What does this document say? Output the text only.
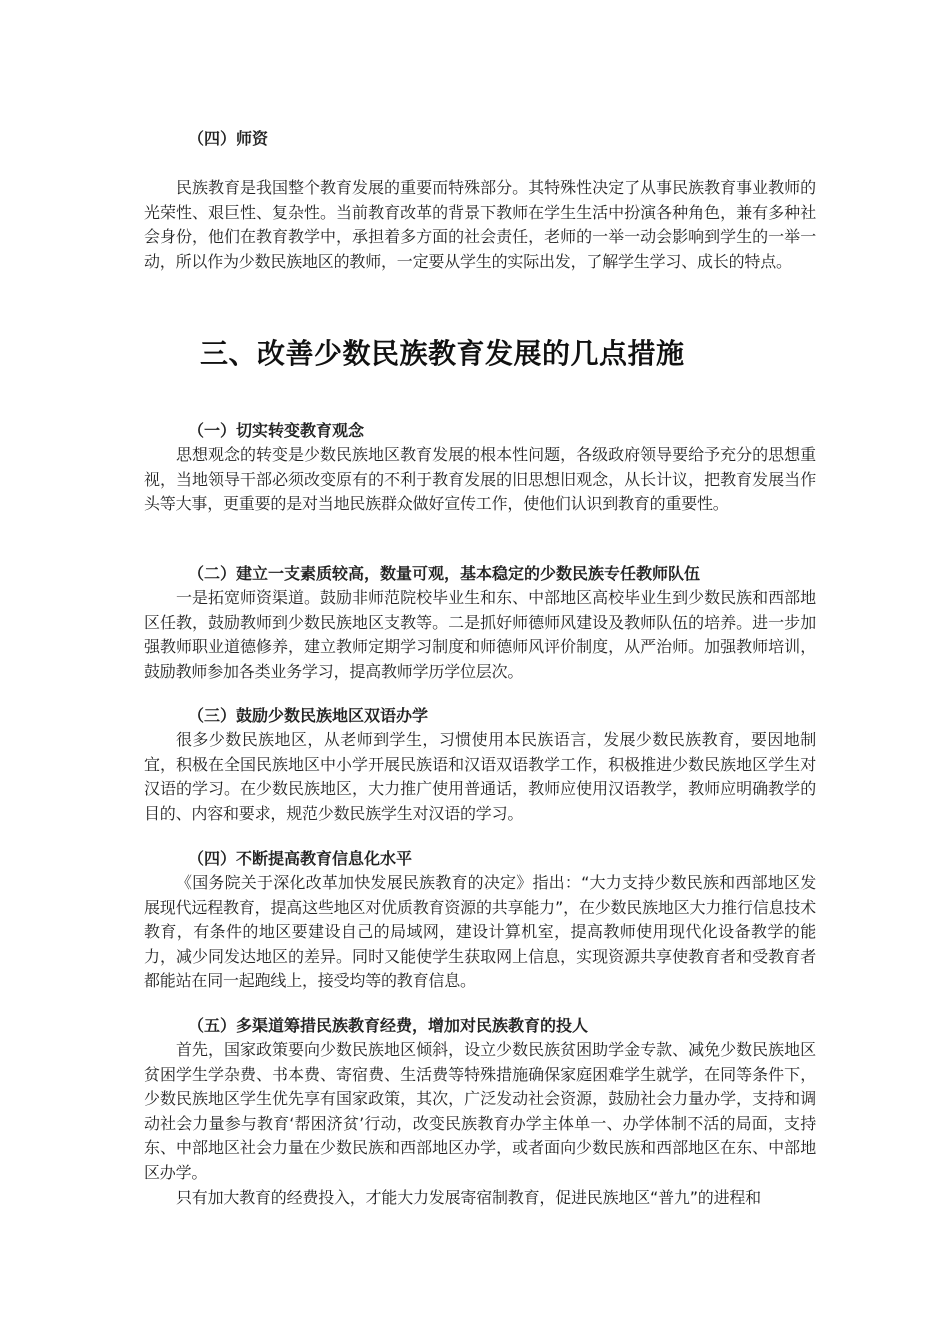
（四）师资
民族教育是我国整个教育发展的重要而特殊部分。其特殊性决定了从事民族教育事业教师的光荣性、艰巨性、复杂性。当前教育改革的背景下教师在学生生活中扮演各种角色，兼有多种社会身份，他们在教育教学中，承担着多方面的社会责任，老师的一举一动会影响到学生的一举一动，所以作为少数民族地区的教师，一定要从学生的实际出发，了解学生学习、成长的特点。
三、改善少数民族教育发展的几点措施
（一）切实转变教育观念
思想观念的转变是少数民族地区教育发展的根本性问题，各级政府领导要给予充分的思想重视，当地领导干部必须改变原有的不利于教育发展的旧思想旧观念，从长计议，把教育发展当作头等大事，更重要的是对当地民族群众做好宣传工作，使他们认识到教育的重要性。
（二）建立一支素质较高，数量可观，基本稳定的少数民族专任教师队伍
一是拓宽师资渠道。鼓励非师范院校毕业生和东、中部地区高校毕业生到少数民族和西部地区任教，鼓励教师到少数民族地区支教等。二是抓好师德师风建设及教师队伍的培养。进一步加强教师职业道德修养，建立教师定期学习制度和师德师风评价制度，从严治师。加强教师培训，鼓励教师参加各类业务学习，提高教师学历学位层次。
（三）鼓励少数民族地区双语办学
很多少数民族地区，从老师到学生，习惯使用本民族语言，发展少数民族教育，要因地制宜，积极在全国民族地区中小学开展民族语和汉语双语教学工作，积极推进少数民族地区学生对汉语的学习。在少数民族地区，大力推广使用普通话，教师应使用汉语教学，教师应明确教学的目的、内容和要求，规范少数民族学生对汉语的学习。
（四）不断提高教育信息化水平
《国务院关于深化改革加快发展民族教育的决定》指出：“大力支持少数民族和西部地区发展现代远程教育，提高这些地区对优质教育资源的共享能力”，在少数民族地区大力推行信息技术教育，有条件的地区要建设自己的局域网，建设计算机室，提高教师使用现代化设备教学的能力，减少同发达地区的差异。同时又能使学生获取网上信息，实现资源共享使教育者和受教育者都能站在同一起跑线上，接受均等的教育信息。
（五）多渠道筹措民族教育经费，增加对民族教育的投人
首先，国家政策要向少数民族地区倾斜，设立少数民族贫困助学金专款、减免少数民族地区贫困学生学杂费、书本费、寄宿费、生活费等特殊措施确保家庭困难学生就学，在同等条件下，少数民族地区学生优先享有国家政策，其次，广泛发动社会资源，鼓励社会力量办学，支持和调动社会力量参与教育‘帮困济贫’行动，改变民族教育办学主体单一、办学体制不活的局面，支持东、中部地区社会力量在少数民族和西部地区办学，或者面向少数民族和西部地区在东、中部地区办学。
只有加大教育的经费投入，才能大力发展寄宿制教育，促进民族地区“普九”的进程和
